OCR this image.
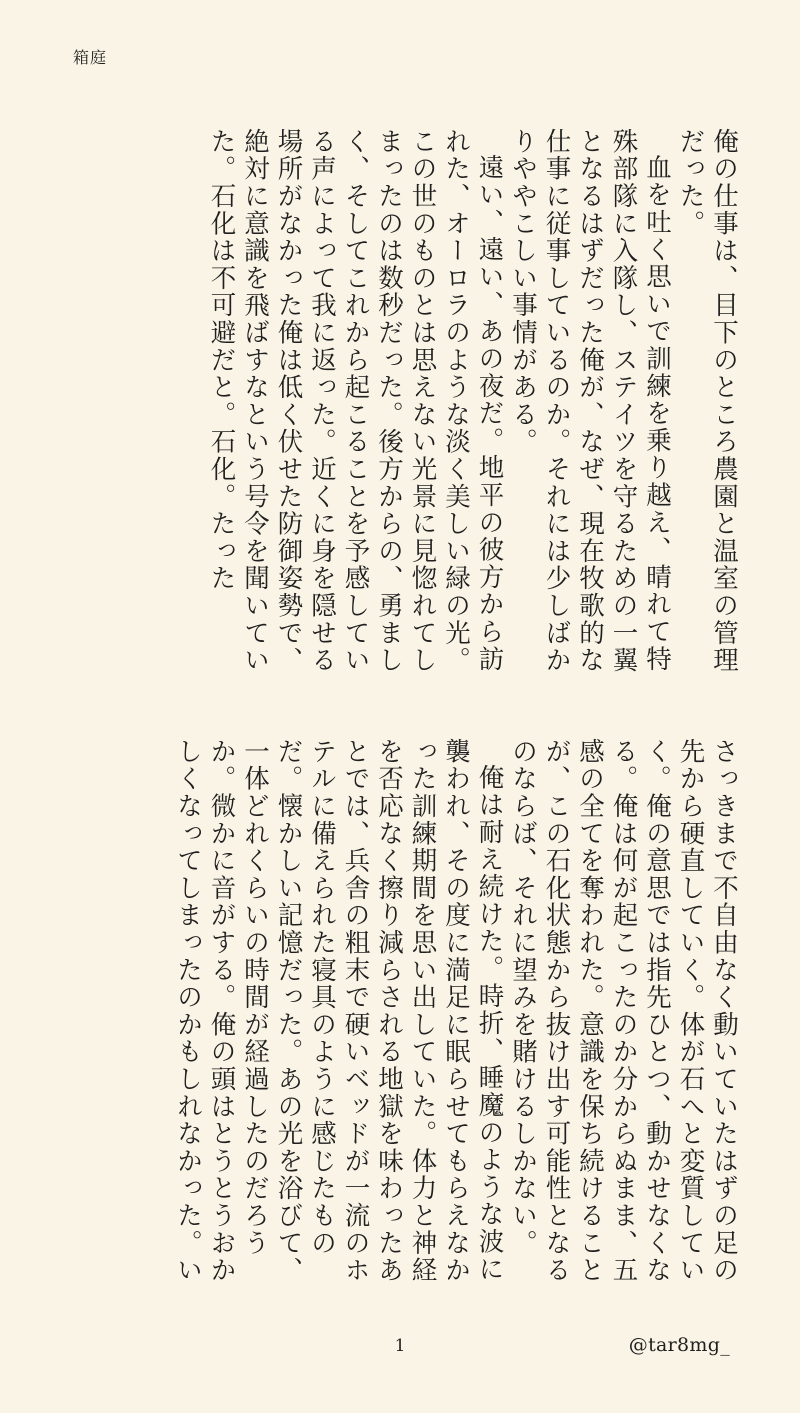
箱庭

俺の仕事は、目下のところ農園と温室の管理だった。

血を吐く思いで訓練を乗り越え、晴れて特殊部隊に入隊し、ステイツを守るための一翼となるはずだった俺が、なぜ、現在牧歌的な仕事に従事しているのか。それには少しばかりややこしい事情がある。

遠い、遠い、あの夜だ。地平の彼方から訪れた、オーロラのような淡く美しい緑の光。この世のものとは思えない光景に見惚れてしまったのは数秒だった。後方からの、勇ましく、そしてこれから起こることを予感している声によって我に返った。近くに身を隠せる場所がなかった俺は低く伏せた防御姿勢で、絶対に意識を飛ばすなという号令を聞いていた。石化は不可避だと。石化。たった

さっきまで不自由なく動いていたはずの足の先から硬直していく。体が石へと変質していく。俺の意思では指先ひとつ、動かせなくなる。俺は何が起こったのか分からぬまま、五感の全てを奪われた。意識を保ち続けることが、この石化状態から抜け出す可能性となるのならば、それに望みを賭けるしかない。

俺は耐え続けた。時折、睡魔のような波に襲われ、その度に満足に眠らせてもらえなかった訓練期間を思い出していた。体力と神経を否応なく擦り減らされる地獄を味わったあとでは、兵舎の粗末で硬いベッドが一流のホテルに備えられた寝具のように感じたものだ。懐かしい記憶だった。あの光を浴びて、一体どれくらいの時間が経過したのだろうか。微かに音がする。俺の頭はとうとうおかしくなってしまったのかもしれなかった。い

1	@tar8mg_
